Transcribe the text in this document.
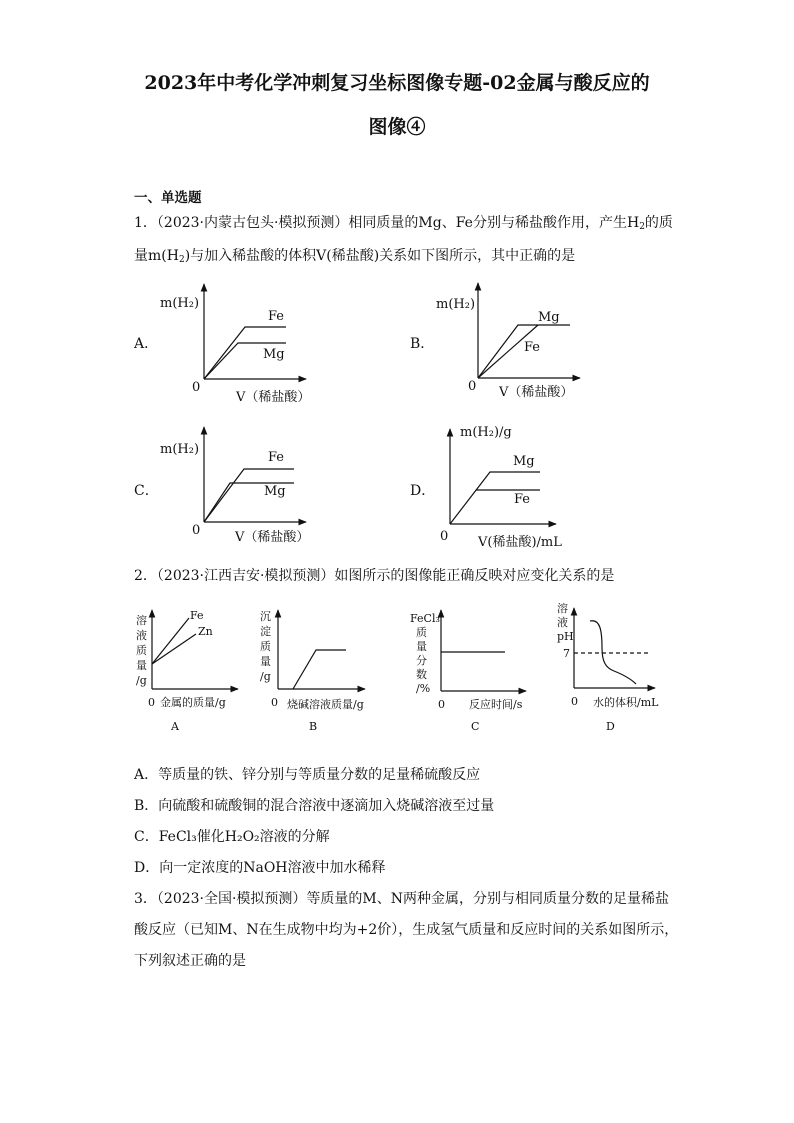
2023年中考化学冲刺复习坐标图像专题-02金属与酸反应的
图像④
一、单选题
1．（2023·内蒙古包头·模拟预测）相同质量的Mg、Fe分别与稀盐酸作用，产生$H_2$的质
量$m(H_2)$与加入稀盐酸的体积V(稀盐酸)关系如下图所示，其中正确的是
A．	B．
C．	D．
m(H₂)
Fe
Mg
0
V（稀盐酸）
m(H₂)
Mg
Fe
0 V（稀盐酸）
m(H₂)
Fe
Mg
0	V（稀盐酸）
m(H₂)/g
Mg
Fe
0 V(稀盐酸)/mL
溶
液
质
量
/g
Fe
Zn
0 金属的质量/g
A
沉
淀
质
量
/g
0 烧碱溶液质量/g
B
FeCl₃
质
量
分
数
/%
0 反应时间/s
C
溶
液
pH
7
0 水的体积/mL
D
2．（2023·江西吉安·模拟预测）如图所示的图像能正确反映对应变化关系的是
A．等质量的铁、锌分别与等质量分数的足量稀硫酸反应
B．向硫酸和硫酸铜的混合溶液中逐滴加入烧碱溶液至过量
C．FeCl₃催化H₂O₂溶液的分解
D．向一定浓度的NaOH溶液中加水稀释
3．（2023·全国·模拟预测）等质量的M、N两种金属，分别与相同质量分数的足量稀盐
酸反应（已知M、N在生成物中均为+2价），生成氢气质量和反应时间的关系如图所示，
下列叙述正确的是
